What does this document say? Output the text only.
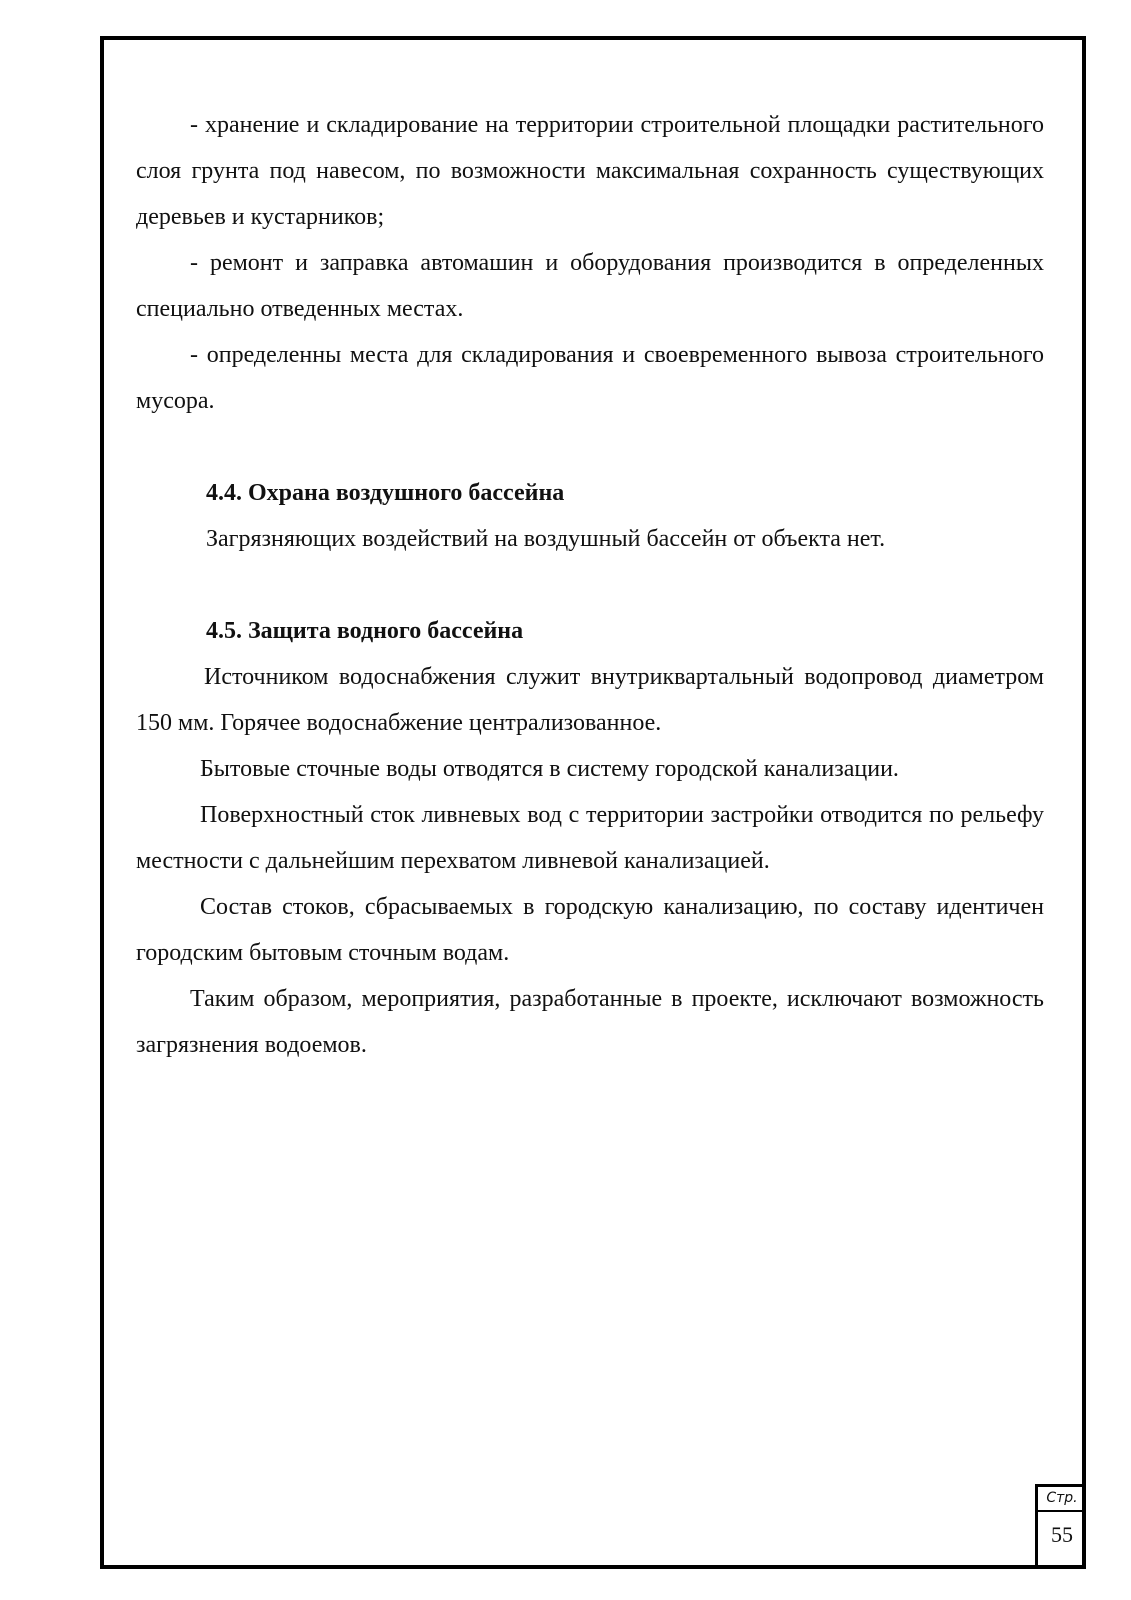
- хранение и складирование на территории строительной площадки растительного слоя грунта под навесом, по возможности максимальная сохранность существующих деревьев и кустарников;

- ремонт и заправка автомашин и оборудования производится в определенных специально отведенных местах.

- определенны места для складирования и своевременного вывоза строительного мусора.

4.4. Охрана воздушного бассейна

Загрязняющих воздействий на воздушный бассейн от объекта нет.

4.5. Защита водного бассейна

Источником водоснабжения служит внутриквартальный водопровод диаметром 150 мм. Горячее водоснабжение централизованное.

Бытовые сточные воды отводятся в систему городской канализации.

Поверхностный сток ливневых вод с территории застройки отводится по рельефу местности с дальнейшим перехватом ливневой канализацией.

Состав стоков, сбрасываемых в городскую канализацию, по составу идентичен городским бытовым сточным водам.

Таким образом, мероприятия, разработанные в проекте, исключают возможность загрязнения водоемов.

Стр.
55
